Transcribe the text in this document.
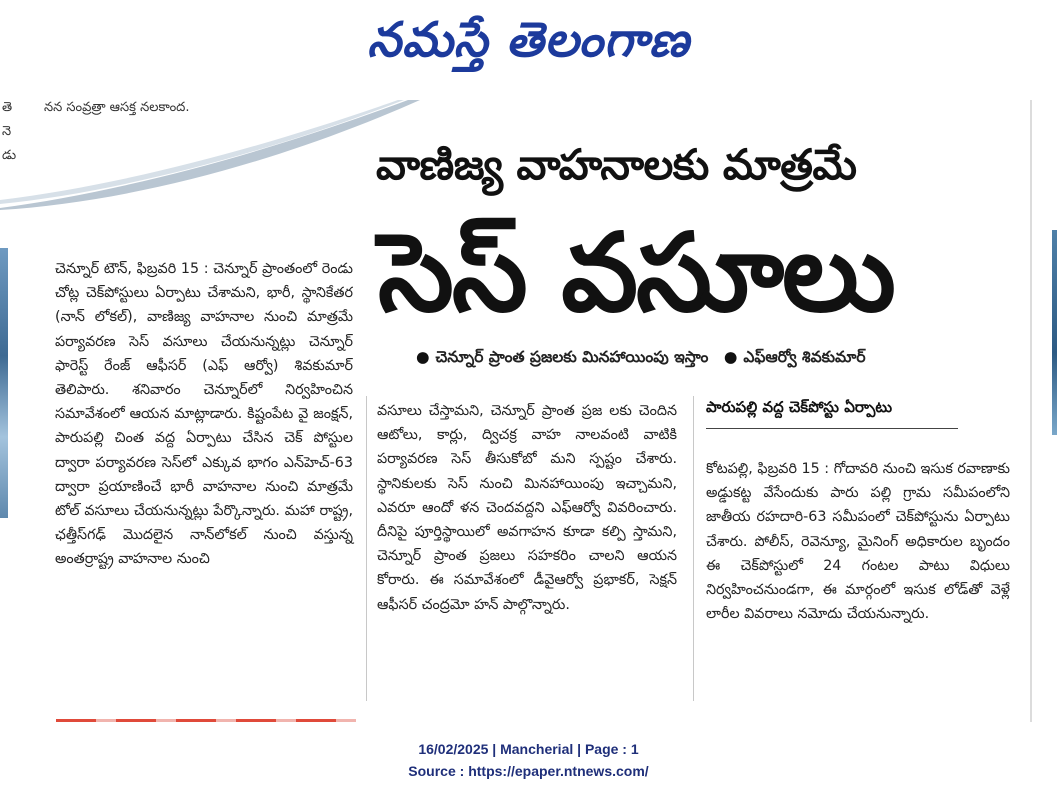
నమస్తే తెలంగాణ
నన సంవ్రత్రా ఆసక్త నలకాంద.
తె
నె
డు	వాణిజ్య వాహనాలకు మాత్రమే
సెస్ వసూలు
● చెన్నూర్ ప్రాంత ప్రజలకు మినహాయింపు ఇస్తాం ● ఎఫ్‌ఆర్వో శివకుమార్
చెన్నూర్ టౌన్, ఫిబ్రవరి 15 : చెన్నూర్ ప్రాంతంలో రెండు చోట్ల చెక్‌పోస్టులు ఏర్పాటు చేశామని, భారీ, స్థానికేతర (నాన్ లోకల్), వాణిజ్య వాహనాల నుంచి మాత్రమే పర్యావరణ సెస్ వసూలు చేయనున్నట్లు చెన్నూర్ ఫారెస్ట్ రేంజ్ ఆఫీసర్ (ఎఫ్ ఆర్వో) శివకుమార్ తెలిపారు. శనివారం చెన్నూర్‌లో నిర్వహించిన సమావేశంలో ఆయన మాట్లాడారు. కిష్టంపేట వై జంక్షన్, పారుపల్లి చింత వద్ద ఏర్పాటు చేసిన చెక్ పోస్టుల ద్వారా పర్యావరణ సెస్‌లో ఎక్కువ భాగం ఎన్‌హెచ్-63 ద్వారా ప్రయాణించే భారీ వాహనాల నుంచి మాత్రమే టోల్ వసూలు చేయనున్నట్లు పేర్కొన్నారు. మహా రాష్ట్ర, ఛత్తీస్‌గఢ్ మొదలైన నాన్‌లోకల్ నుంచి వస్తున్న అంతర్రాష్ట్ర వాహనాల నుంచి
వసూలు చేస్తామని, చెన్నూర్ ప్రాంత ప్రజ లకు చెందిన ఆటోలు, కార్లు, ద్విచక్ర వాహ నాలవంటి వాటికి పర్యావరణ సెస్ తీసుకోబో మని స్పష్టం చేశారు. స్థానికులకు సెస్ నుంచి మినహాయింపు ఇచ్చామని, ఎవరూ ఆందో ళన చెందవద్దని ఎఫ్‌ఆర్వో వివరించారు. దీనిపై పూర్తిస్థాయిలో అవగాహన కూడా కల్పి స్తామని, చెన్నూర్ ప్రాంత ప్రజలు సహకరిం చాలని ఆయన కోరారు. ఈ సమావేశంలో డీవైఆర్వో ప్రభాకర్, సెక్షన్ ఆఫీసర్ చంద్రమో హన్ పాల్గొన్నారు.
పారుపల్లి వద్ద చెక్‌పోస్టు ఏర్పాటు
కోటపల్లి, ఫిబ్రవరి 15 : గోదావరి నుంచి ఇసుక రవాణాకు అడ్డుకట్ట వేసేందుకు పారు పల్లి గ్రామ సమీపంలోని జాతీయ రహదారి-63 సమీపంలో చెక్‌పోస్టును ఏర్పాటు చేశారు. పోలీస్, రెవెన్యూ, మైనింగ్ అధికారుల బృందం ఈ చెక్‌పోస్టులో 24 గంటల పాటు విధులు నిర్వహించనుండగా, ఈ మార్గంలో ఇసుక లోడ్‌తో వెళ్లే లారీల వివరాలు నమోదు చేయనున్నారు.
16/02/2025 | Mancherial | Page : 1
Source : https://epaper.ntnews.com/
